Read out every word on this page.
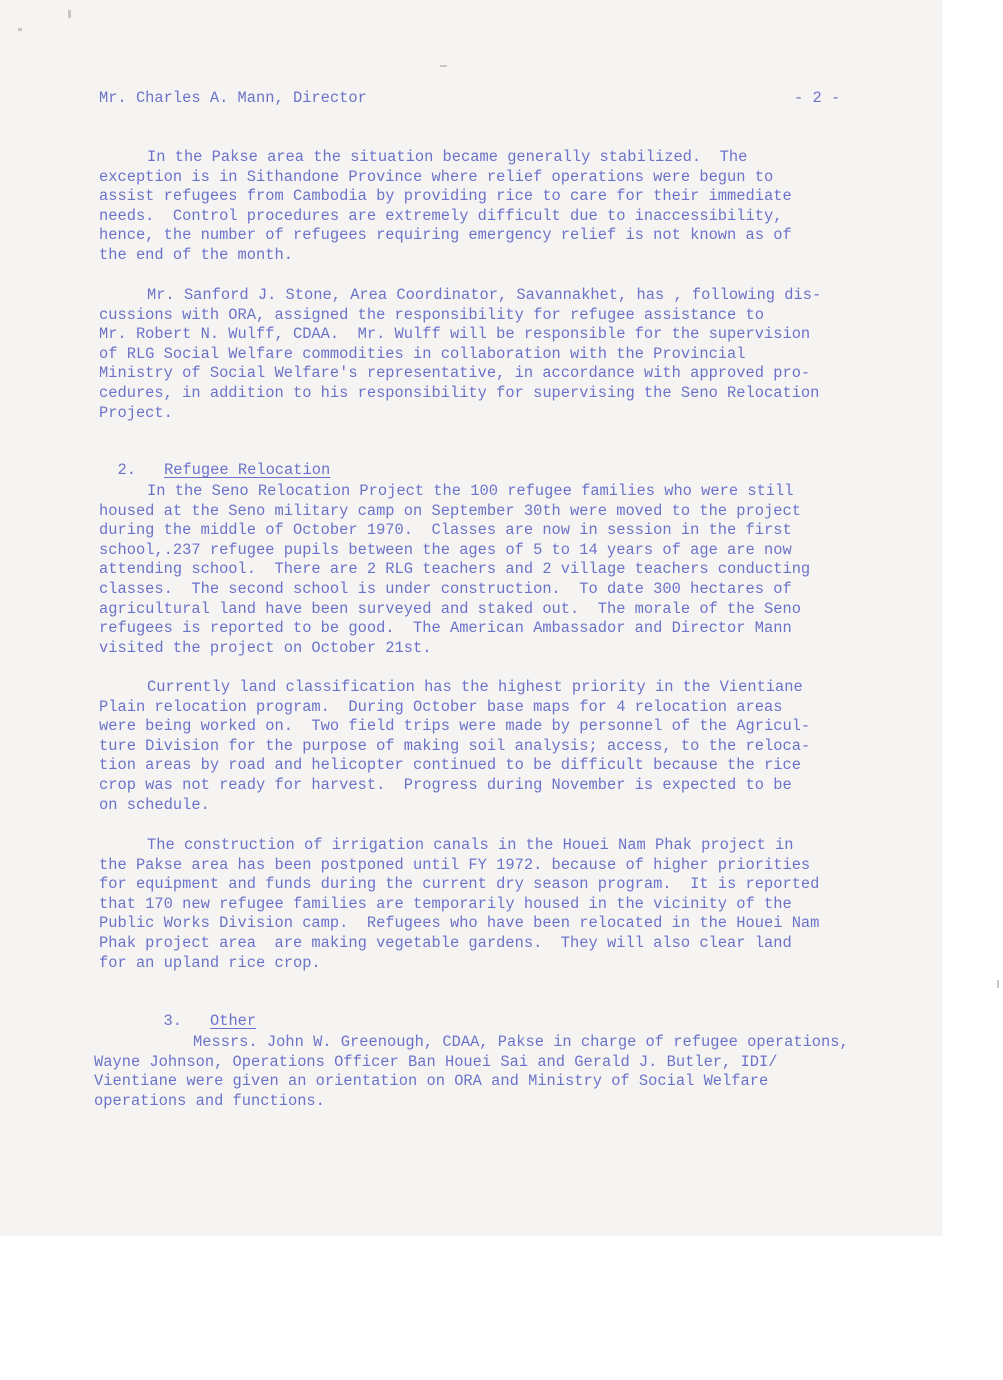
Mr. Charles A. Mann, Director	- 2 -

In the Pakse area the situation became generally stabilized.  The
exception is in Sithandone Province where relief operations were begun to
assist refugees from Cambodia by providing rice to care for their immediate
needs.  Control procedures are extremely difficult due to inaccessibility,
hence, the number of refugees requiring emergency relief is not known as of
the end of the month.
Mr. Sanford J. Stone, Area Coordinator, Savannakhet, has , following dis-
cussions with ORA, assigned the responsibility for refugee assistance to
Mr. Robert N. Wulff, CDAA.  Mr. Wulff will be responsible for the supervision
of RLG Social Welfare commodities in collaboration with the Provincial
Ministry of Social Welfare's representative, in accordance with approved pro-
cedures, in addition to his responsibility for supervising the Seno Relocation
Project.

2. Refugee Relocation

In the Seno Relocation Project the 100 refugee families who were still
housed at the Seno military camp on September 30th were moved to the project
during the middle of October 1970.  Classes are now in session in the first
school,.237 refugee pupils between the ages of 5 to 14 years of age are now
attending school.  There are 2 RLG teachers and 2 village teachers conducting
classes.  The second school is under construction.  To date 300 hectares of
agricultural land have been surveyed and staked out.  The morale of the Seno
refugees is reported to be good.  The American Ambassador and Director Mann
visited the project on October 21st.
Currently land classification has the highest priority in the Vientiane
Plain relocation program.  During October base maps for 4 relocation areas
were being worked on.  Two field trips were made by personnel of the Agricul-
ture Division for the purpose of making soil analysis; access, to the reloca-
tion areas by road and helicopter continued to be difficult because the rice
crop was not ready for harvest.  Progress during November is expected to be
on schedule.
The construction of irrigation canals in the Houei Nam Phak project in
the Pakse area has been postponed until FY 1972. because of higher priorities
for equipment and funds during the current dry season program.  It is reported
that 170 new refugee families are temporarily housed in the vicinity of the
Public Works Division camp.  Refugees who have been relocated in the Houei Nam
Phak project area  are making vegetable gardens.  They will also clear land
for an upland rice crop.

3. Other

Messrs. John W. Greenough, CDAA, Pakse in charge of refugee operations,
Wayne Johnson, Operations Officer Ban Houei Sai and Gerald J. Butler, IDI/
Vientiane were given an orientation on ORA and Ministry of Social Welfare
operations and functions.
